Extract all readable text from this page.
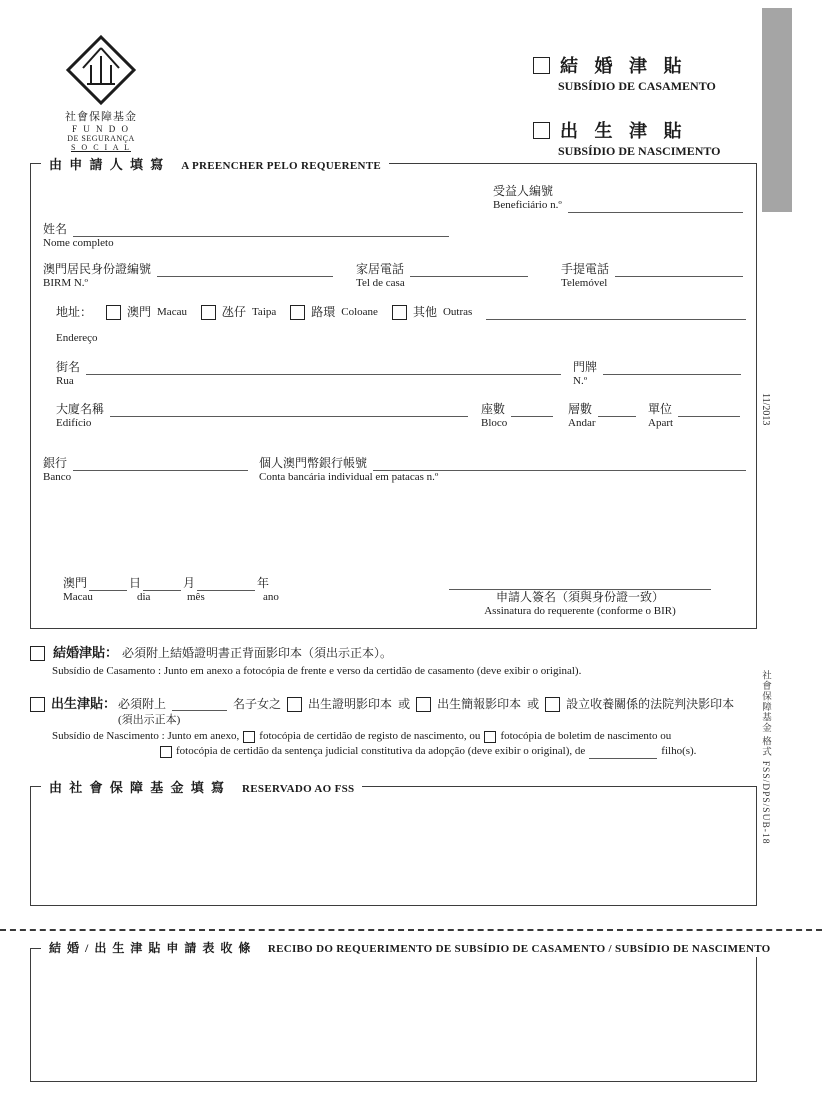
社會保障基金
F U N D O
DE SEGURANÇA
S O C I A L
結 婚 津 貼
SUBSÍDIO DE CASAMENTO
出 生 津 貼
SUBSÍDIO DE NASCIMENTO
由 申 請 人 填 寫 A PREENCHER PELO REQUERENTE
受益人編號
Beneficiário n.º
姓名
Nome completo
澳門居民身份證編號
BIRM N.º
家居電話
Tel de casa
手提電話
Telemóvel
地址：	澳門 Macau	氹仔 Taipa	路環 Coloane	其他 Outras
Endereço
街名
Rua
門牌
N.º
大廈名稱
Edifício
座數
Bloco
層數
Andar
單位
Apart
銀行
Banco
個人澳門幣銀行帳號
Conta bancária individual em patacas n.º
澳門	日	月	年
Macau	dia	mês	ano	申請人簽名（須與身份證一致）
Assinatura do requerente (conforme o BIR)
11/2013
社會保障基金 格式 FSS/DPS/SUB-18
結婚津貼： 必須附上結婚證明書正背面影印本（須出示正本）。
Subsídio de Casamento : Junto em anexo a fotocópia de frente e verso da certidão de casamento (deve exibir o original).
出生津貼： 必須附上	名子女之 出生證明影印本 或 出生簡報影印本 或 設立收養關係的法院判決影印本
(須出示正本)
Subsídio de Nascimento : Junto em anexo, fotocópia de certidão de registo de nascimento, ou fotocópia de boletim de nascimento ou
fotocópia de certidão da sentença judicial constitutiva da adopção (deve exibir o original), de	filho(s).
由 社 會 保 障 基 金 填 寫 RESERVADO AO FSS
結 婚 / 出 生 津 貼 申 請 表 收 條 RECIBO DO REQUERIMENTO DE SUBSÍDIO DE CASAMENTO / SUBSÍDIO DE NASCIMENTO
